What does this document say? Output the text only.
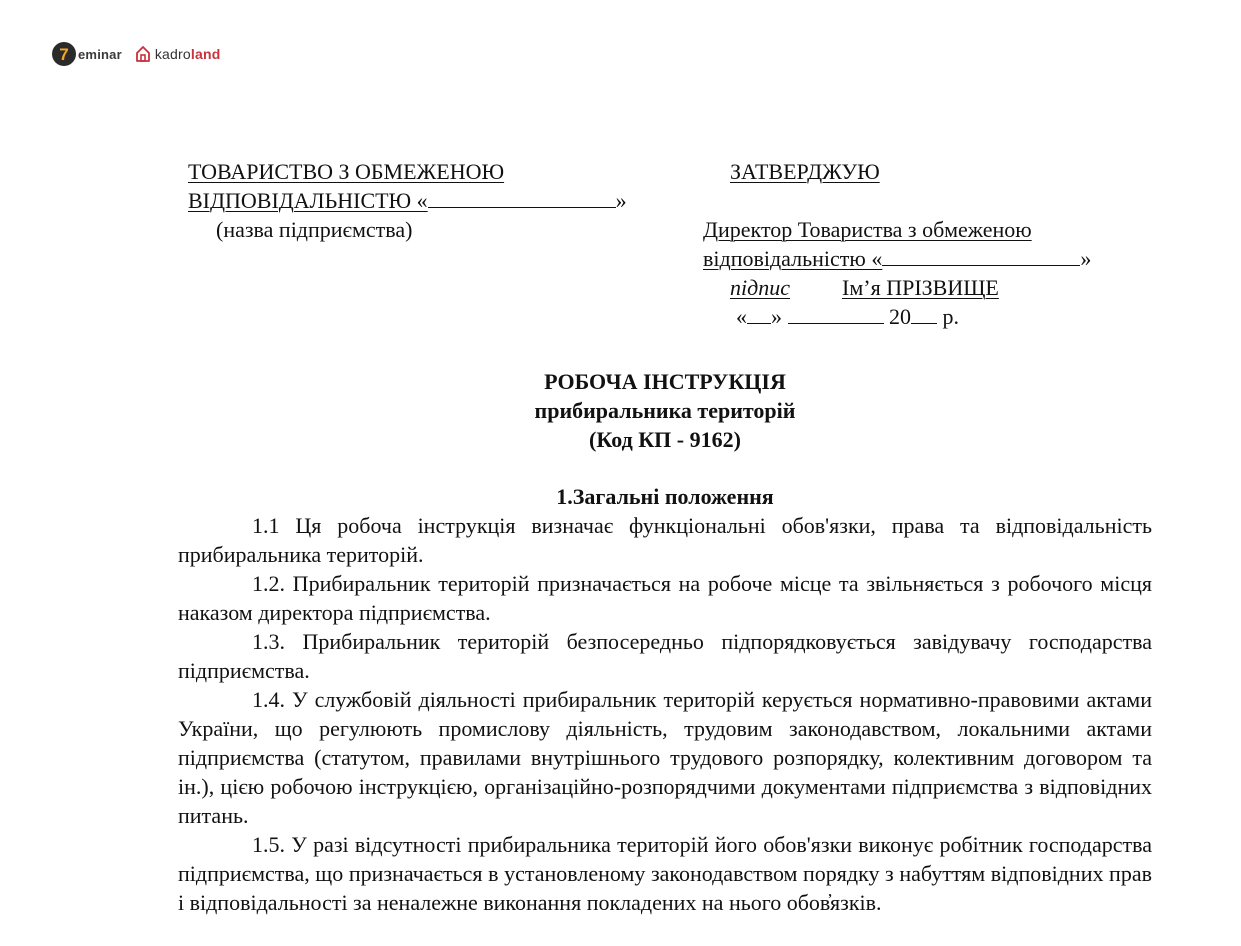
7 eminar kadroland
ТОВАРИСТВО З ОБМЕЖЕНОЮ
ВІДПОВІДАЛЬНІСТЮ «	»
(назва підприємства)
ЗАТВЕРДЖУЮ
Директор Товариства з обмеженою
відповідальністю «	»
підпис Ім’я ПРІЗВИЩЕ
« »	20 р.
РОБОЧА ІНСТРУКЦІЯ
прибиральника територій
(Код КП - 9162)
1.Загальні положення

1.1 Ця робоча інструкція визначає функціональні обов'язки, права та відповідальність прибиральника територій.

1.2. Прибиральник територій призначається на робоче місце та звільняється з робочого місця наказом директора підприємства.

1.3. Прибиральник територій безпосередньо підпорядковується завідувачу господарства підприємства.

1.4. У службовій діяльності прибиральник територій керується нормативно-правовими актами України, що регулюють промислову діяльність, трудовим законодавством, локальними актами підприємства (статутом, правилами внутрішнього трудового розпорядку, колективним договором та ін.), цією робочою інструкцією, організаційно-розпорядчими документами підприємства з відповідних питань.

1.5. У разі відсутності прибиральника територій його обов'язки виконує робітник господарства підприємства, що призначається в установленому законодавством порядку з набуттям відповідних прав і відповідальності за неналежне виконання покладених на нього обов̓язків.
